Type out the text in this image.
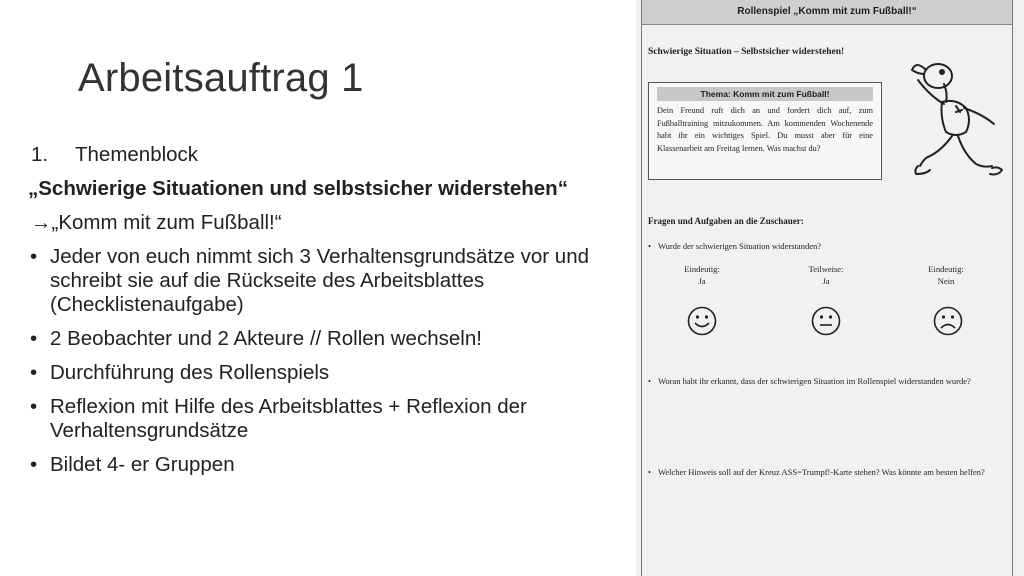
Arbeitsauftrag 1
1.	Themenblock
„Schwierige Situationen und selbstsicher widerstehen“
→„Komm mit zum Fußball!“
• Jeder von euch nimmt sich 3 Verhaltensgrundsätze vor und schreibt sie auf die Rückseite des Arbeitsblattes (Checklistenaufgabe)
• 2 Beobachter und 2 Akteure // Rollen wechseln!
• Durchführung des Rollenspiels
• Reflexion mit Hilfe des Arbeitsblattes + Reflexion der Verhaltensgrundsätze
• Bildet 4- er Gruppen
Rollenspiel „Komm mit zum Fußball!“
Schwierige Situation – Selbstsicher widerstehen!
Thema: Komm mit zum Fußball!
Dein Freund ruft dich an und fordert dich auf, zum Fußballtraining mitzukommen. Am kommenden Wochenende habt ihr ein wichtiges Spiel. Du musst aber für eine Klassenarbeit am Freitag lernen. Was machst du?
Fragen und Aufgaben an die Zuschauer:
• Wurde der schwierigen Situation widerstanden?
Eindeutig:
Ja
Teilweise:
Ja
Eindeutig:
Nein
• Woran habt ihr erkannt, dass der schwierigen Situation im Rollenspiel widerstanden wurde?
• Welcher Hinweis soll auf der Kreuz ASS=Trumpf!-Karte stehen? Was könnte am besten helfen?
